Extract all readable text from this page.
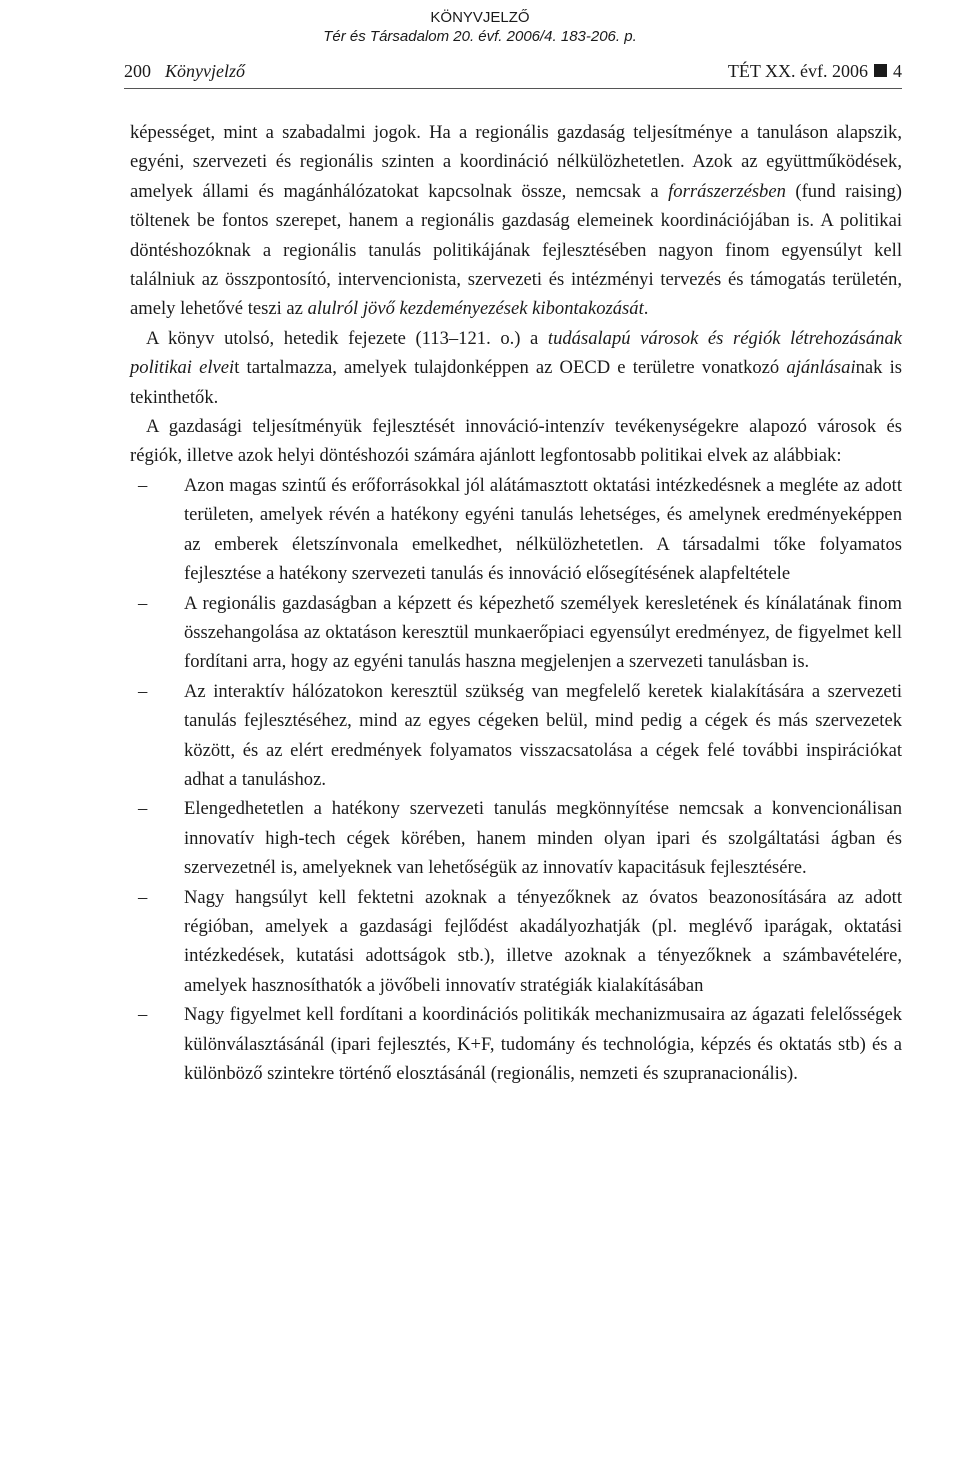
KÖNYVJELZŐ
Tér és Társadalom 20. évf. 2006/4. 183-206. p.
200 Könyvjelző	TÉT XX. évf. 2006 4

képességet, mint a szabadalmi jogok. Ha a regionális gazdaság teljesítménye a tanuláson alapszik, egyéni, szervezeti és regionális szinten a koordináció nélkülözhetetlen. Azok az együttműködések, amelyek állami és magánhálózatokat kapcsolnak össze, nemcsak a forrászerzésben (fund raising) töltenek be fontos szerepet, hanem a regionális gazdaság elemeinek koordinációjában is. A politikai döntéshozóknak a regionális tanulás politikájának fejlesztésében nagyon finom egyensúlyt kell találniuk az összpontosító, intervencionista, szervezeti és intézményi tervezés és támogatás területén, amely lehetővé teszi az alulról jövő kezdeményezések kibontakozását.

A könyv utolsó, hetedik fejezete (113–121. o.) a tudásalapú városok és régiók létrehozásának politikai elveit tartalmazza, amelyek tulajdonképpen az OECD e területre vonatkozó ajánlásainak is tekinthetők.

A gazdasági teljesítményük fejlesztését innováció-intenzív tevékenységekre alapozó városok és régiók, illetve azok helyi döntéshozói számára ajánlott legfontosabb politikai elvek az alábbiak:

– Azon magas szintű és erőforrásokkal jól alátámasztott oktatási intézkedésnek a megléte az adott területen, amelyek révén a hatékony egyéni tanulás lehetséges, és amelynek eredményeképpen az emberek életszínvonala emelkedhet, nélkülözhetetlen. A társadalmi tőke folyamatos fejlesztése a hatékony szervezeti tanulás és innováció elősegítésének alapfeltétele
– A regionális gazdaságban a képzett és képezhető személyek keresletének és kínálatának finom összehangolása az oktatáson keresztül munkaerőpiaci egyensúlyt eredményez, de figyelmet kell fordítani arra, hogy az egyéni tanulás haszna megjelenjen a szervezeti tanulásban is.
– Az interaktív hálózatokon keresztül szükség van megfelelő keretek kialakítására a szervezeti tanulás fejlesztéséhez, mind az egyes cégeken belül, mind pedig a cégek és más szervezetek között, és az elért eredmények folyamatos visszacsatolása a cégek felé további inspirációkat adhat a tanuláshoz.
– Elengedhetetlen a hatékony szervezeti tanulás megkönnyítése nemcsak a konvencionálisan innovatív high-tech cégek körében, hanem minden olyan ipari és szolgáltatási ágban és szervezetnél is, amelyeknek van lehetőségük az innovatív kapacitásuk fejlesztésére.
– Nagy hangsúlyt kell fektetni azoknak a tényezőknek az óvatos beazonosítására az adott régióban, amelyek a gazdasági fejlődést akadályozhatják (pl. meglévő iparágak, oktatási intézkedések, kutatási adottságok stb.), illetve azoknak a tényezőknek a számbavételére, amelyek hasznosíthatók a jövőbeli innovatív stratégiák kialakításában
– Nagy figyelmet kell fordítani a koordinációs politikák mechanizmusaira az ágazati felelősségek különválasztásánál (ipari fejlesztés, K+F, tudomány és technológia, képzés és oktatás stb) és a különböző szintekre történő elosztásánál (regionális, nemzeti és szupranacionális).
